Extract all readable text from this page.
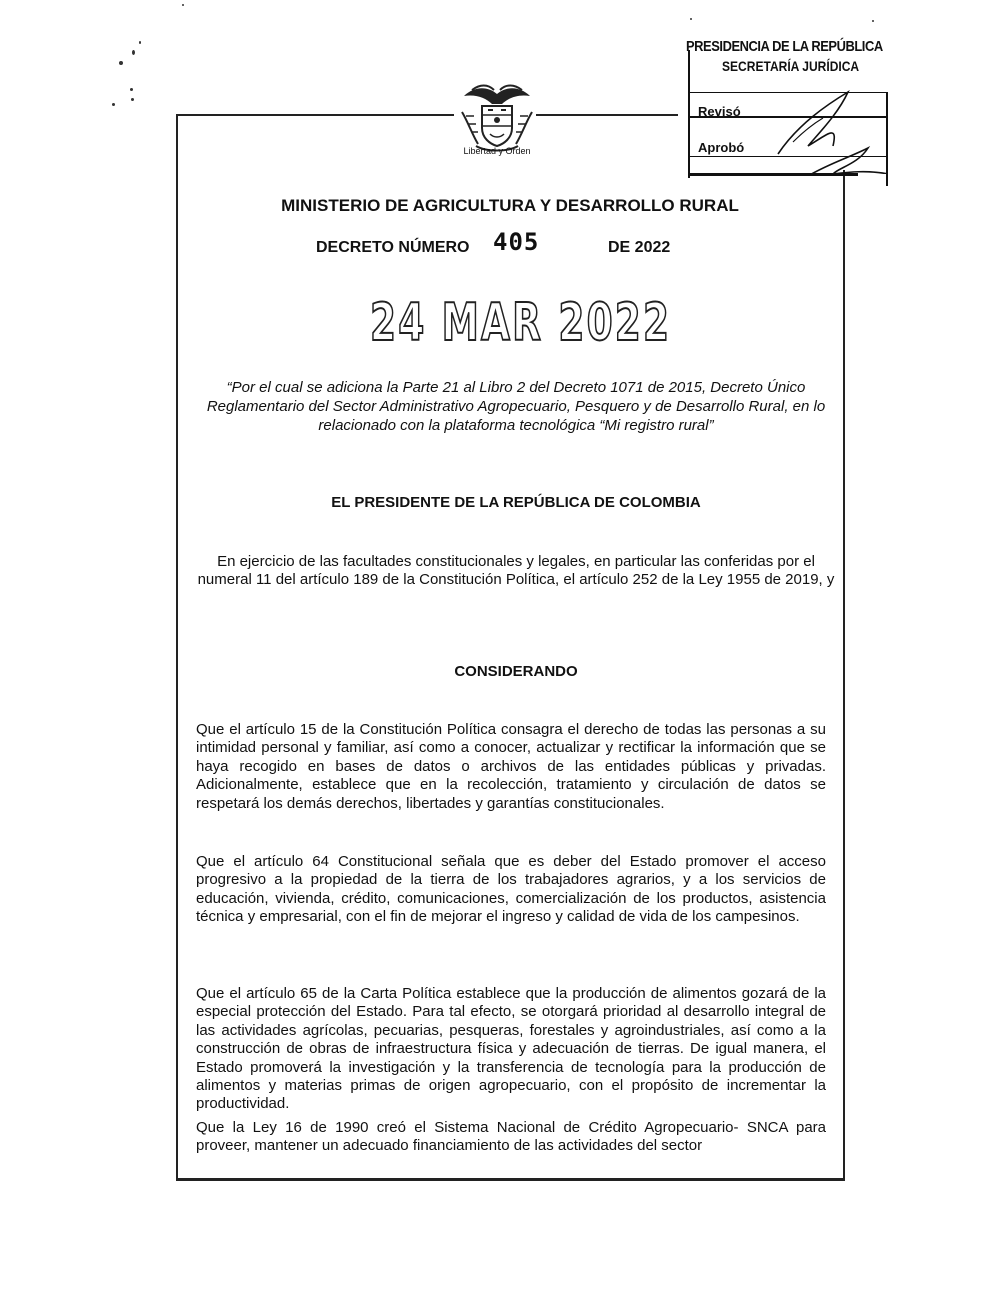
PRESIDENCIA DE LA REPÚBLICA
SECRETARÍA JURÍDICA
Revisó
Aprobó
Libertad y Orden
MINISTERIO DE AGRICULTURA Y DESARROLLO RURAL
DECRETO NÚMERO 405	DE 2022
24 MAR 2022
“Por el cual se adiciona la Parte 21 al Libro 2 del Decreto 1071 de 2015, Decreto Único Reglamentario del Sector Administrativo Agropecuario, Pesquero y de Desarrollo Rural, en lo relacionado con la plataforma tecnológica “Mi registro rural”
EL PRESIDENTE DE LA REPÚBLICA DE COLOMBIA
En ejercicio de las facultades constitucionales y legales, en particular las conferidas por el numeral 11 del artículo 189 de la Constitución Política, el artículo 252 de la Ley 1955 de 2019, y
CONSIDERANDO
Que el artículo 15 de la Constitución Política consagra el derecho de todas las personas a su intimidad personal y familiar, así como a conocer, actualizar y rectificar la información que se haya recogido en bases de datos o archivos de las entidades públicas y privadas. Adicionalmente, establece que en la recolección, tratamiento y circulación de datos se respetará los demás derechos, libertades y garantías constitucionales.
Que el artículo 64 Constitucional señala que es deber del Estado promover el acceso progresivo a la propiedad de la tierra de los trabajadores agrarios, y a los servicios de educación, vivienda, crédito, comunicaciones, comercialización de los productos, asistencia técnica y empresarial, con el fin de mejorar el ingreso y calidad de vida de los campesinos.
Que el artículo 65 de la Carta Política establece que la producción de alimentos gozará de la especial protección del Estado. Para tal efecto, se otorgará prioridad al desarrollo integral de las actividades agrícolas, pecuarias, pesqueras, forestales y agroindustriales, así como a la construcción de obras de infraestructura física y adecuación de tierras. De igual manera, el Estado promoverá la investigación y la transferencia de tecnología para la producción de alimentos y materias primas de origen agropecuario, con el propósito de incrementar la productividad.
Que la Ley 16 de 1990 creó el Sistema Nacional de Crédito Agropecuario- SNCA para proveer, mantener un adecuado financiamiento de las actividades del sector
